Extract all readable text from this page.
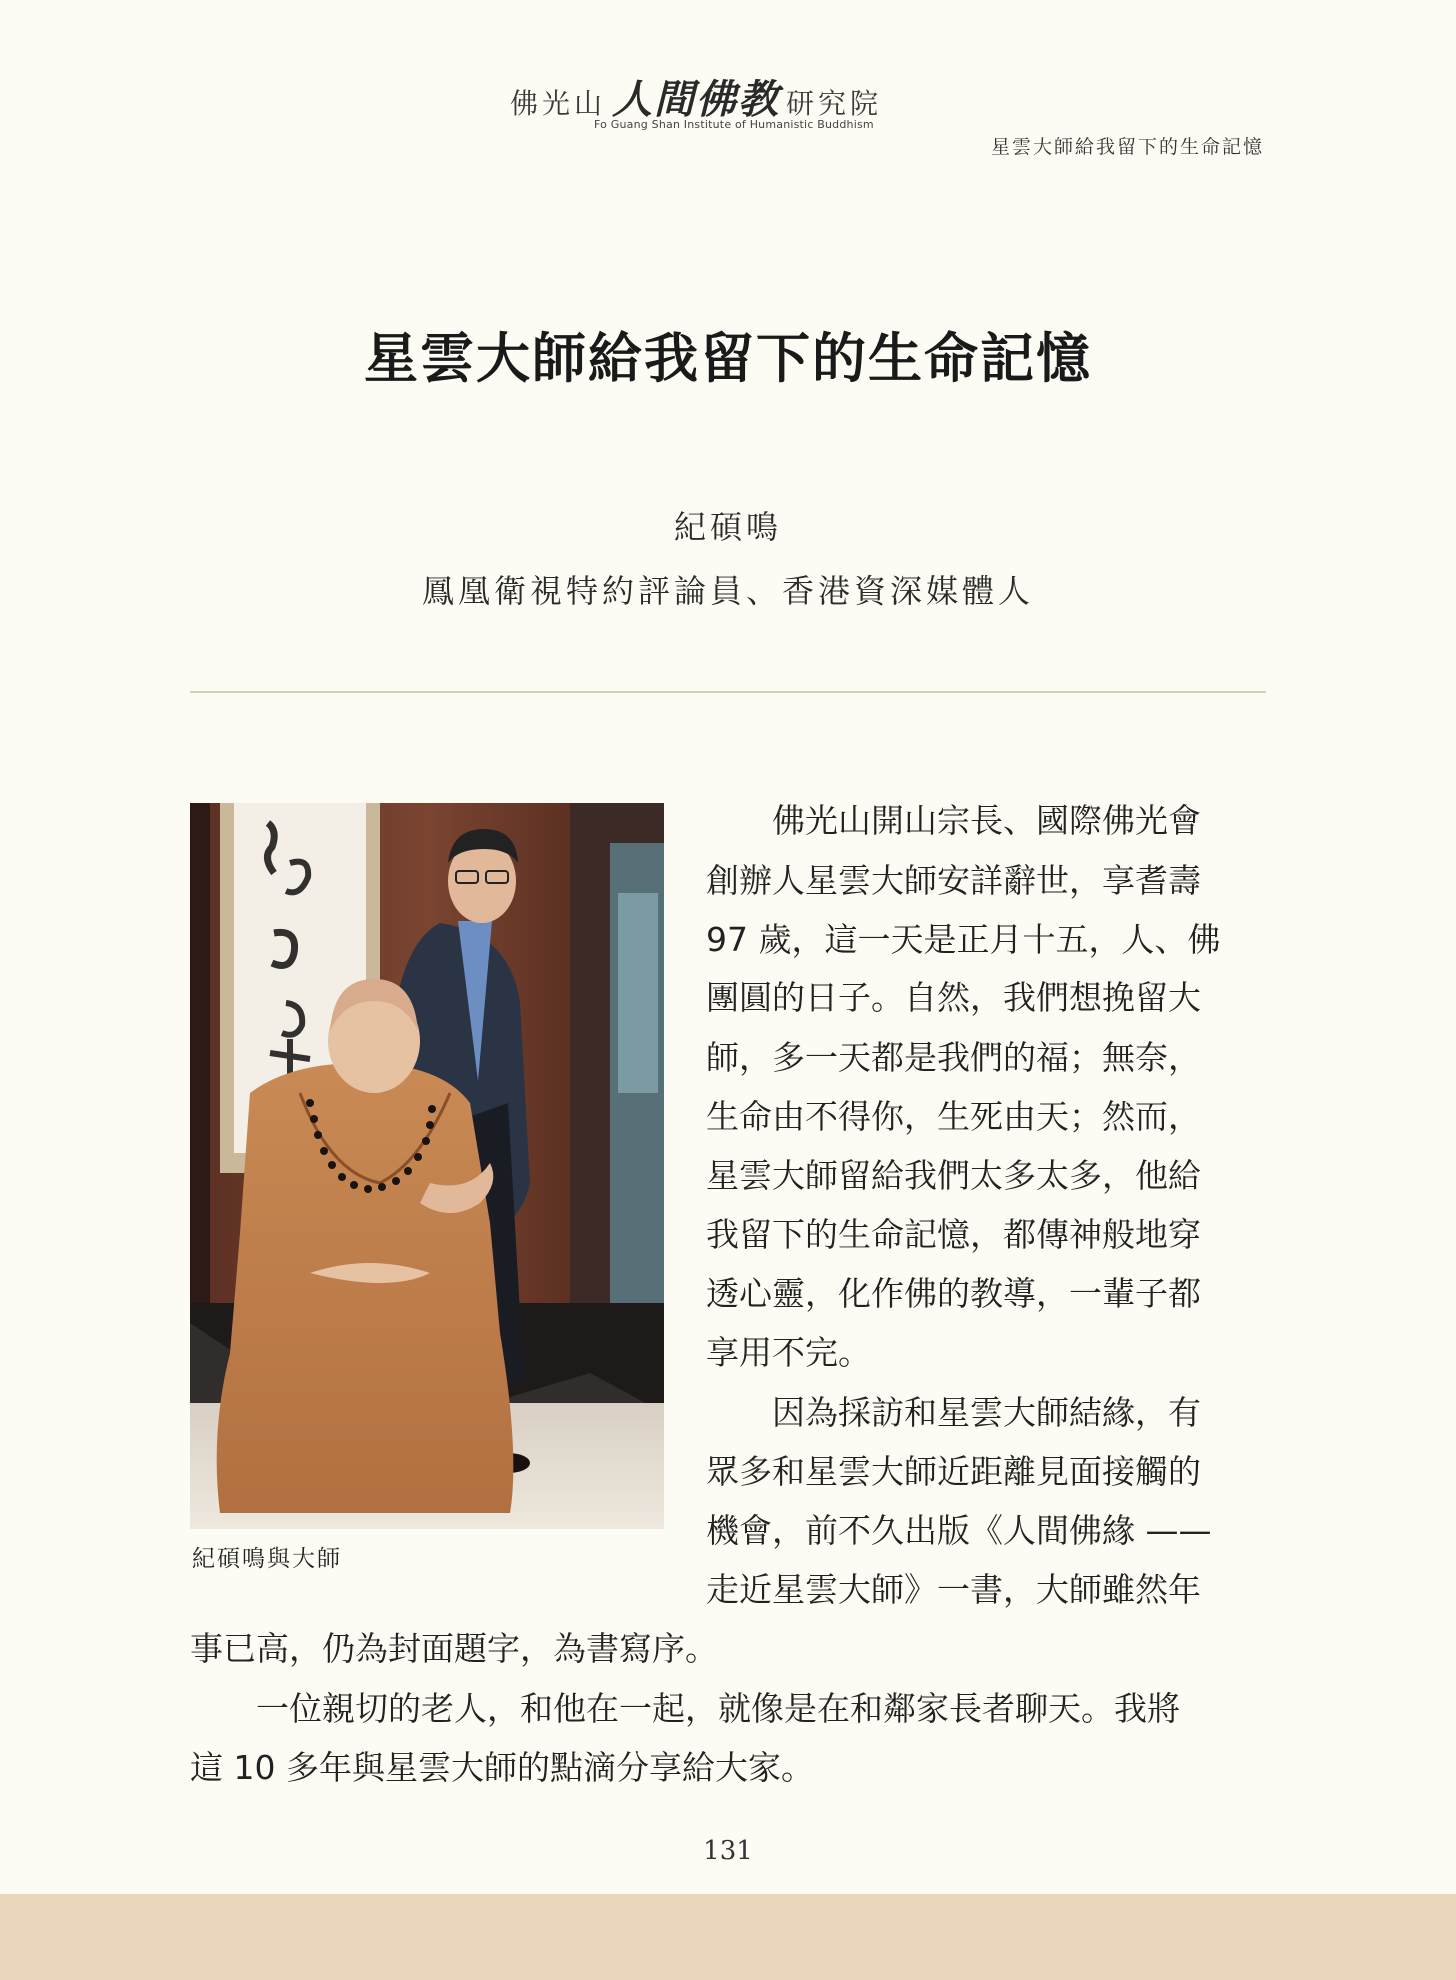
佛光山 人間佛教 研究院
Fo Guang Shan Institute of Humanistic Buddhism
星雲大師給我留下的生命記憶
星雲大師給我留下的生命記憶
紀碩鳴
鳳凰衛視特約評論員、香港資深媒體人
紀碩鳴與大師
　　佛光山開山宗長、國際佛光會
創辦人星雲大師安詳辭世，享耆壽
97 歲，這一天是正月十五，人、佛
團圓的日子。自然，我們想挽留大
師，多一天都是我們的福；無奈，
生命由不得你，生死由天；然而，
星雲大師留給我們太多太多，他給
我留下的生命記憶，都傳神般地穿
透心靈，化作佛的教導，一輩子都
享用不完。
　　因為採訪和星雲大師結緣，有
眾多和星雲大師近距離見面接觸的
機會，前不久出版《人間佛緣 ——
走近星雲大師》一書，大師雖然年
事已高，仍為封面題字，為書寫序。
　　一位親切的老人，和他在一起，就像是在和鄰家長者聊天。我將
這 10 多年與星雲大師的點滴分享給大家。
131
